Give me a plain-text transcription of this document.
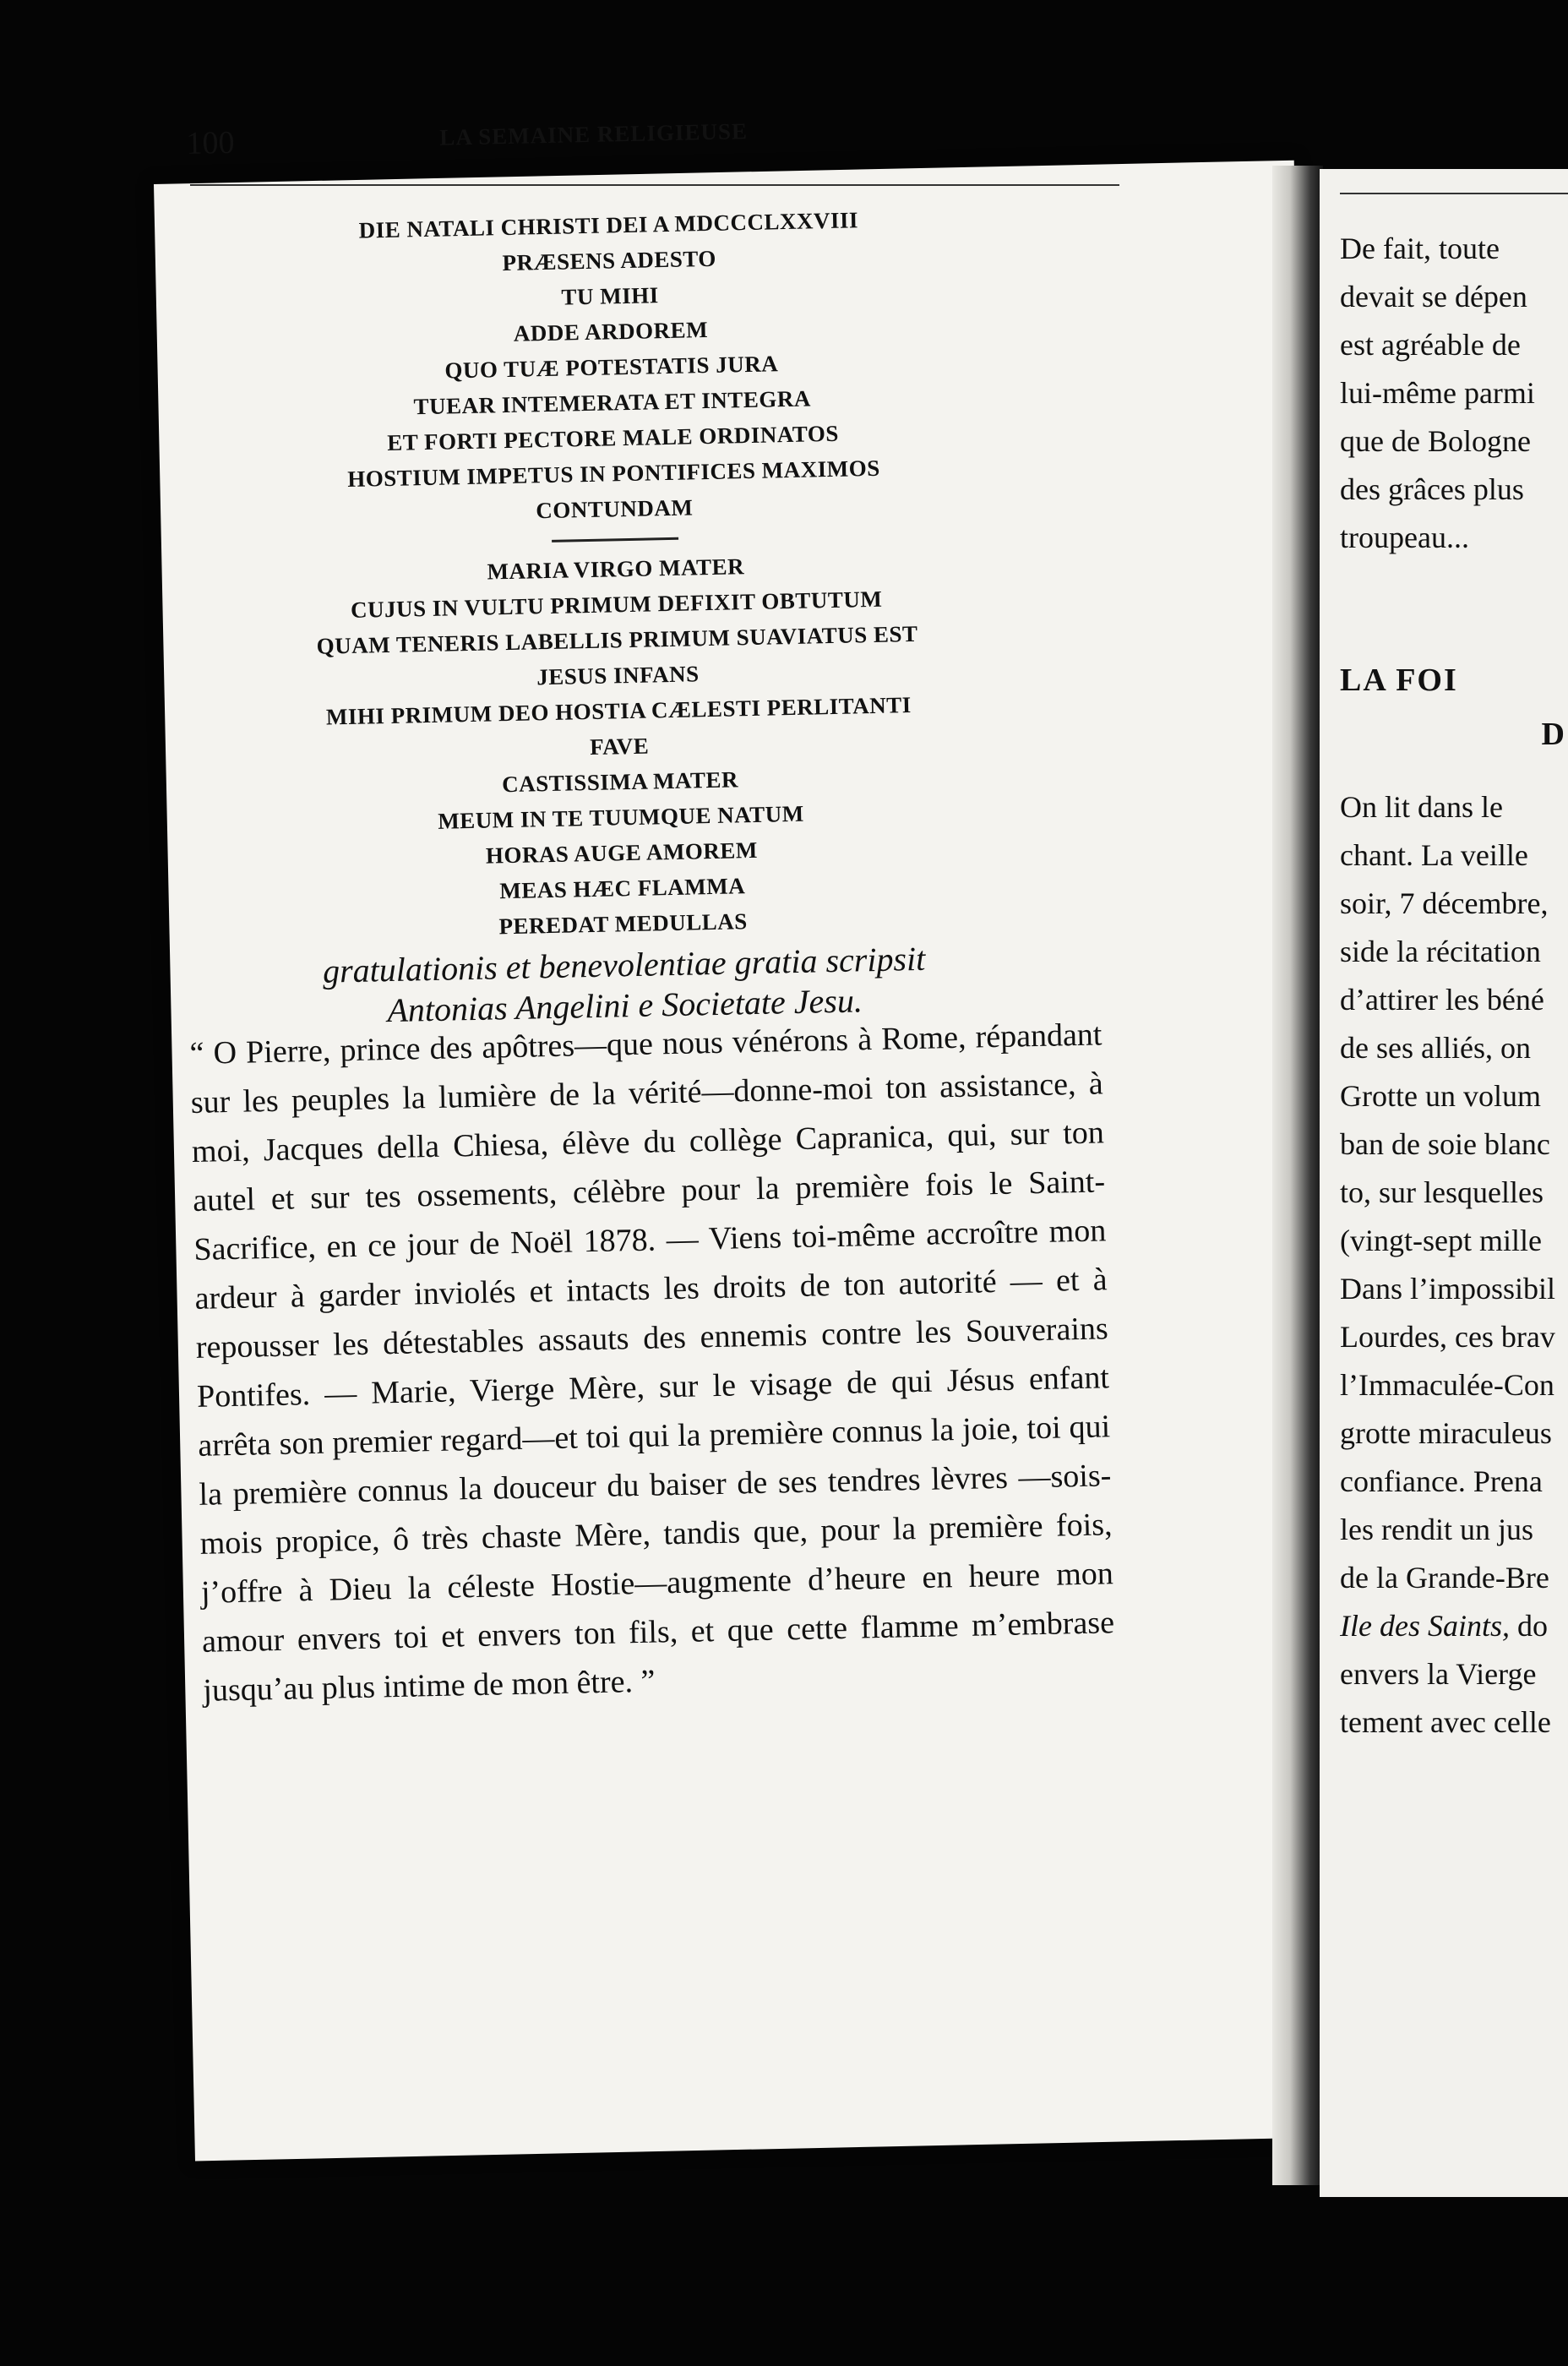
100	LA SEMAINE RELIGIEUSE
DIE NATALI CHRISTI DEI A MDCCCLXXVIII
PRÆSENS ADESTO
TU MIHI
ADDE ARDOREM
QUO TUÆ POTESTATIS JURA
TUEAR INTEMERATA ET INTEGRA
ET FORTI PECTORE MALE ORDINATOS
HOSTIUM IMPETUS IN PONTIFICES MAXIMOS
CONTUNDAM
MARIA VIRGO MATER
CUJUS IN VULTU PRIMUM DEFIXIT OBTUTUM
QUAM TENERIS LABELLIS PRIMUM SUAVIATUS EST
JESUS INFANS
MIHI PRIMUM DEO HOSTIA CÆLESTI PERLITANTI
FAVE
CASTISSIMA MATER
MEUM IN TE TUUMQUE NATUM
HORAS AUGE AMOREM
MEAS HÆC FLAMMA
PEREDAT MEDULLAS
gratulationis et benevolentiae gratia scripsit
Antonias Angelini e Societate Jesu.
“ O Pierre, prince des apôtres—que nous vénérons à Rome, répandant sur les peuples la lumière de la vérité—donne-moi ton assistance, à moi, Jacques della Chiesa, élève du collège Capranica, qui, sur ton autel et sur tes ossements, célèbre pour la première fois le Saint-Sacrifice, en ce jour de Noël 1878. — Viens toi-même accroître mon ardeur à garder inviolés et intacts les droits de ton autorité — et à repousser les détestables assauts des ennemis contre les Souverains Pontifes. — Marie, Vierge Mère, sur le visage de qui Jésus enfant arrêta son premier regard—et toi qui la première connus la joie, toi qui la première connus la douceur du baiser de ses tendres lèvres —sois-mois propice, ô très chaste Mère, tandis que, pour la première fois, j’offre à Dieu la céleste Hostie—augmente d’heure en heure mon amour envers toi et envers ton fils, et que cette flamme m’embrase jusqu’au plus intime de mon être. ”
De fait, toute
devait se dépen
est agréable de
lui-même parmi
que de Bologne
des grâces plus
troupeau...
LA FOI
D
On lit dans le
chant. La veille
soir, 7 décembre,
side la récitation
d’attirer les béné
de ses alliés, on
Grotte un volum
ban de soie blanc
to, sur lesquelles
(vingt-sept mille
Dans l’impossibil
Lourdes, ces brav
l’Immaculée-Con
grotte miraculeus
confiance. Prena
les rendit un jus
de la Grande-Bre
Ile des Saints, do
envers la Vierge
tement avec celle
